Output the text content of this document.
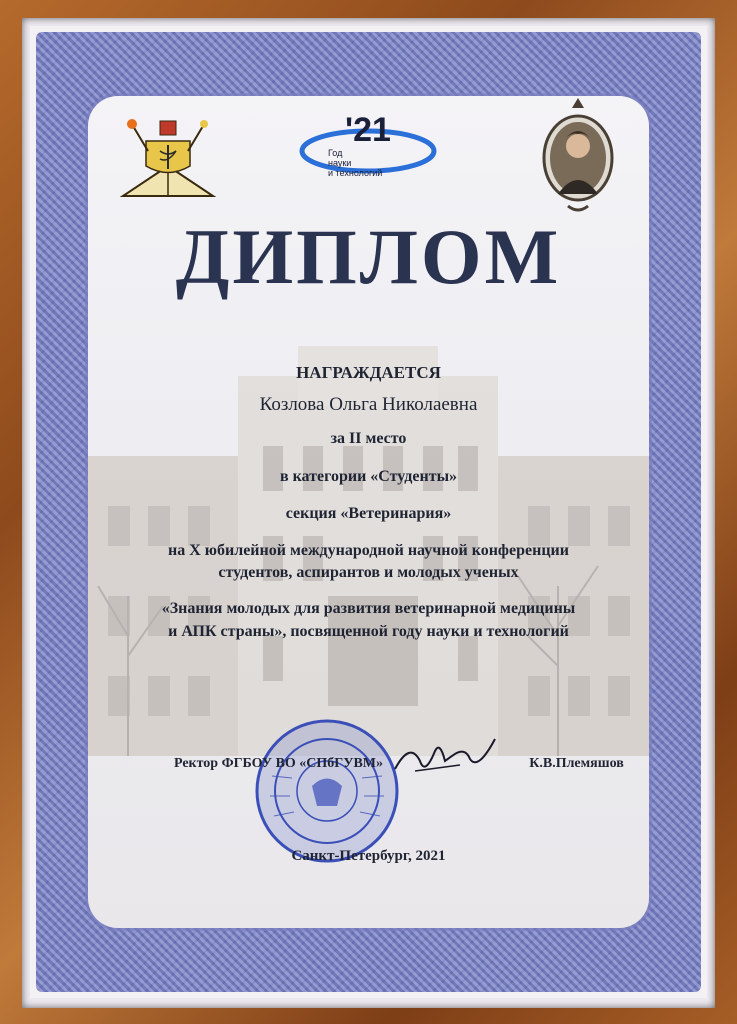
'21
Год
науки
и технологий
ДИПЛОМ
НАГРАЖДАЕТСЯ
Козлова Ольга Николаевна
за II место
в категории «Студенты»
секция «Ветеринария»
на X юбилейной международной научной конференции
студентов, аспирантов и молодых ученых
«Знания молодых для развития ветеринарной медицины
и АПК страны», посвященной году науки и технологий
Ректор ФГБОУ ВО «СПбГУВМ»	К.В.Племяшов
Санкт-Петербург, 2021
